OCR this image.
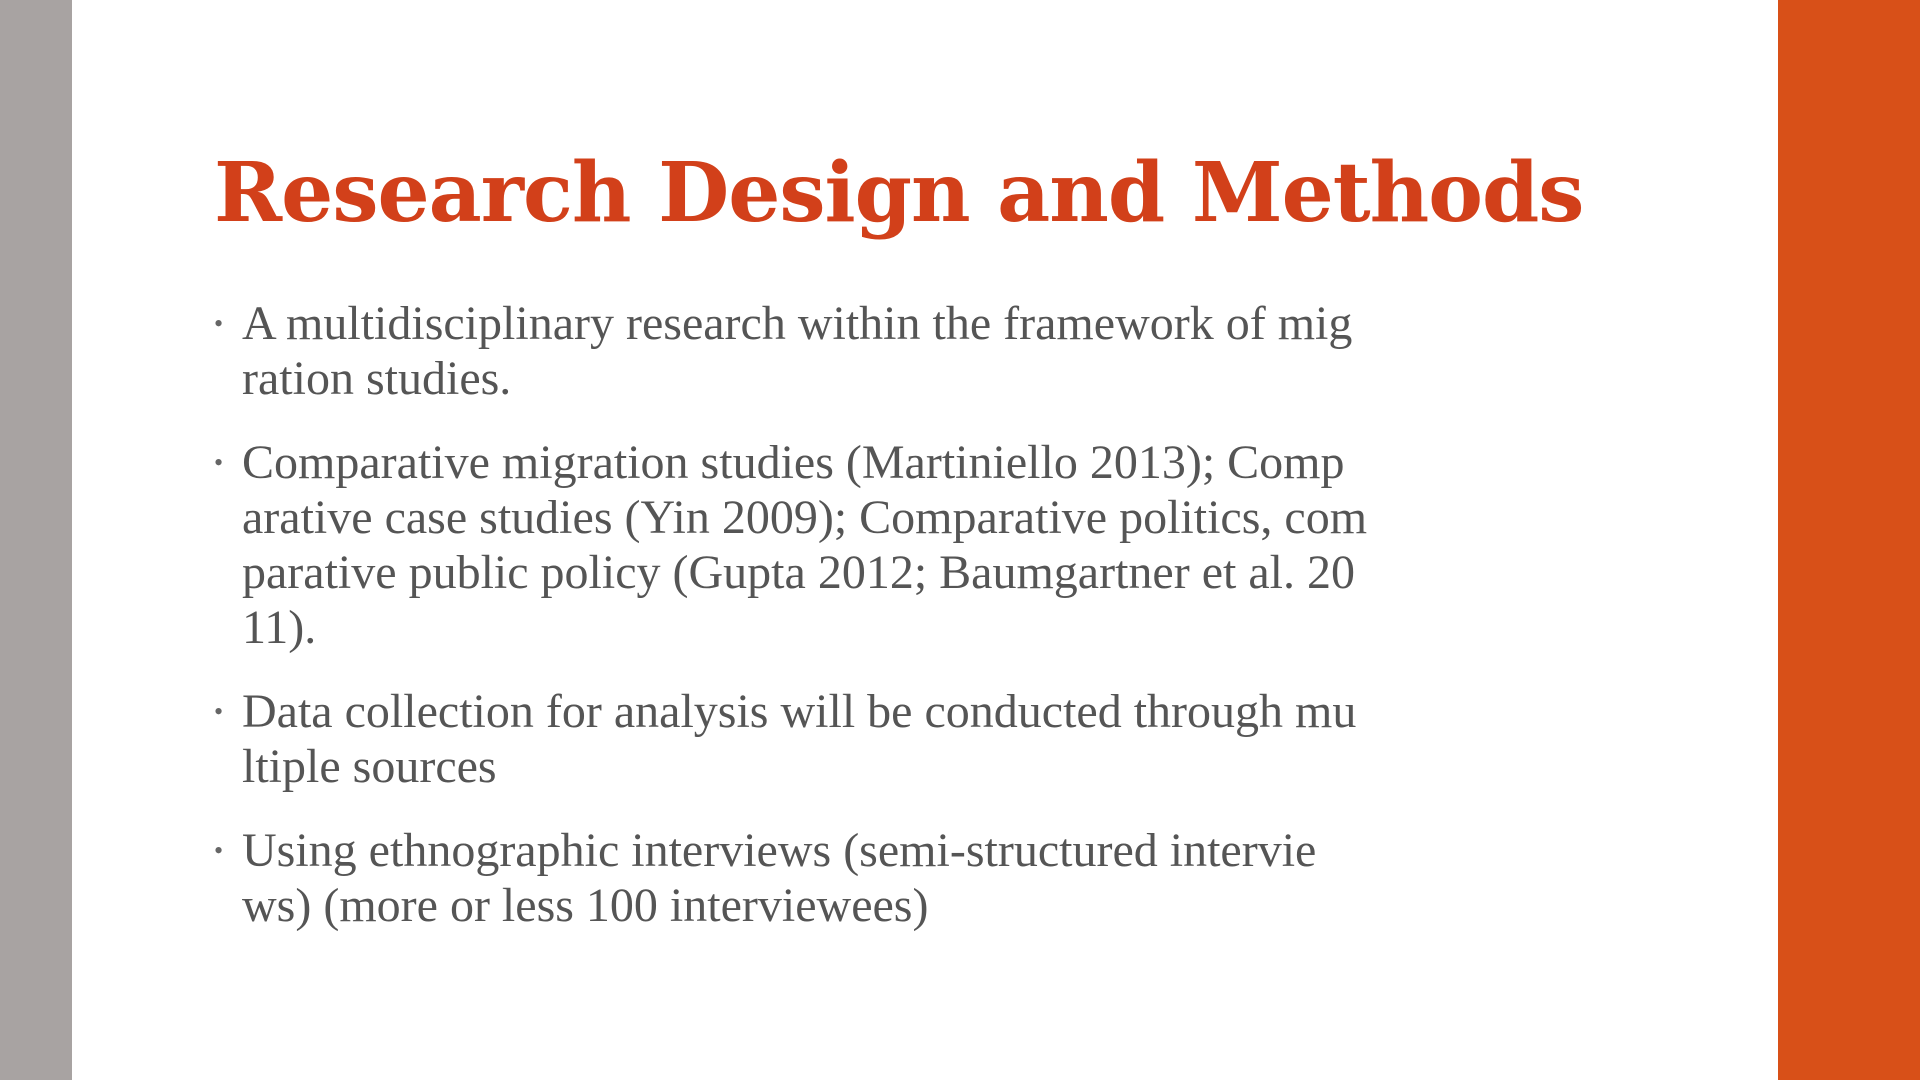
Research Design and Methods
• A multidisciplinary research within the framework of mig
ration studies.
• Comparative migration studies (Martiniello 2013); Comp
arative case studies (Yin 2009); Comparative politics, com
parative public policy (Gupta 2012; Baumgartner et al. 20
11).
• Data collection for analysis will be conducted through mu
ltiple sources
• Using ethnographic interviews (semi-structured intervie
ws) (more or less 100 interviewees)
